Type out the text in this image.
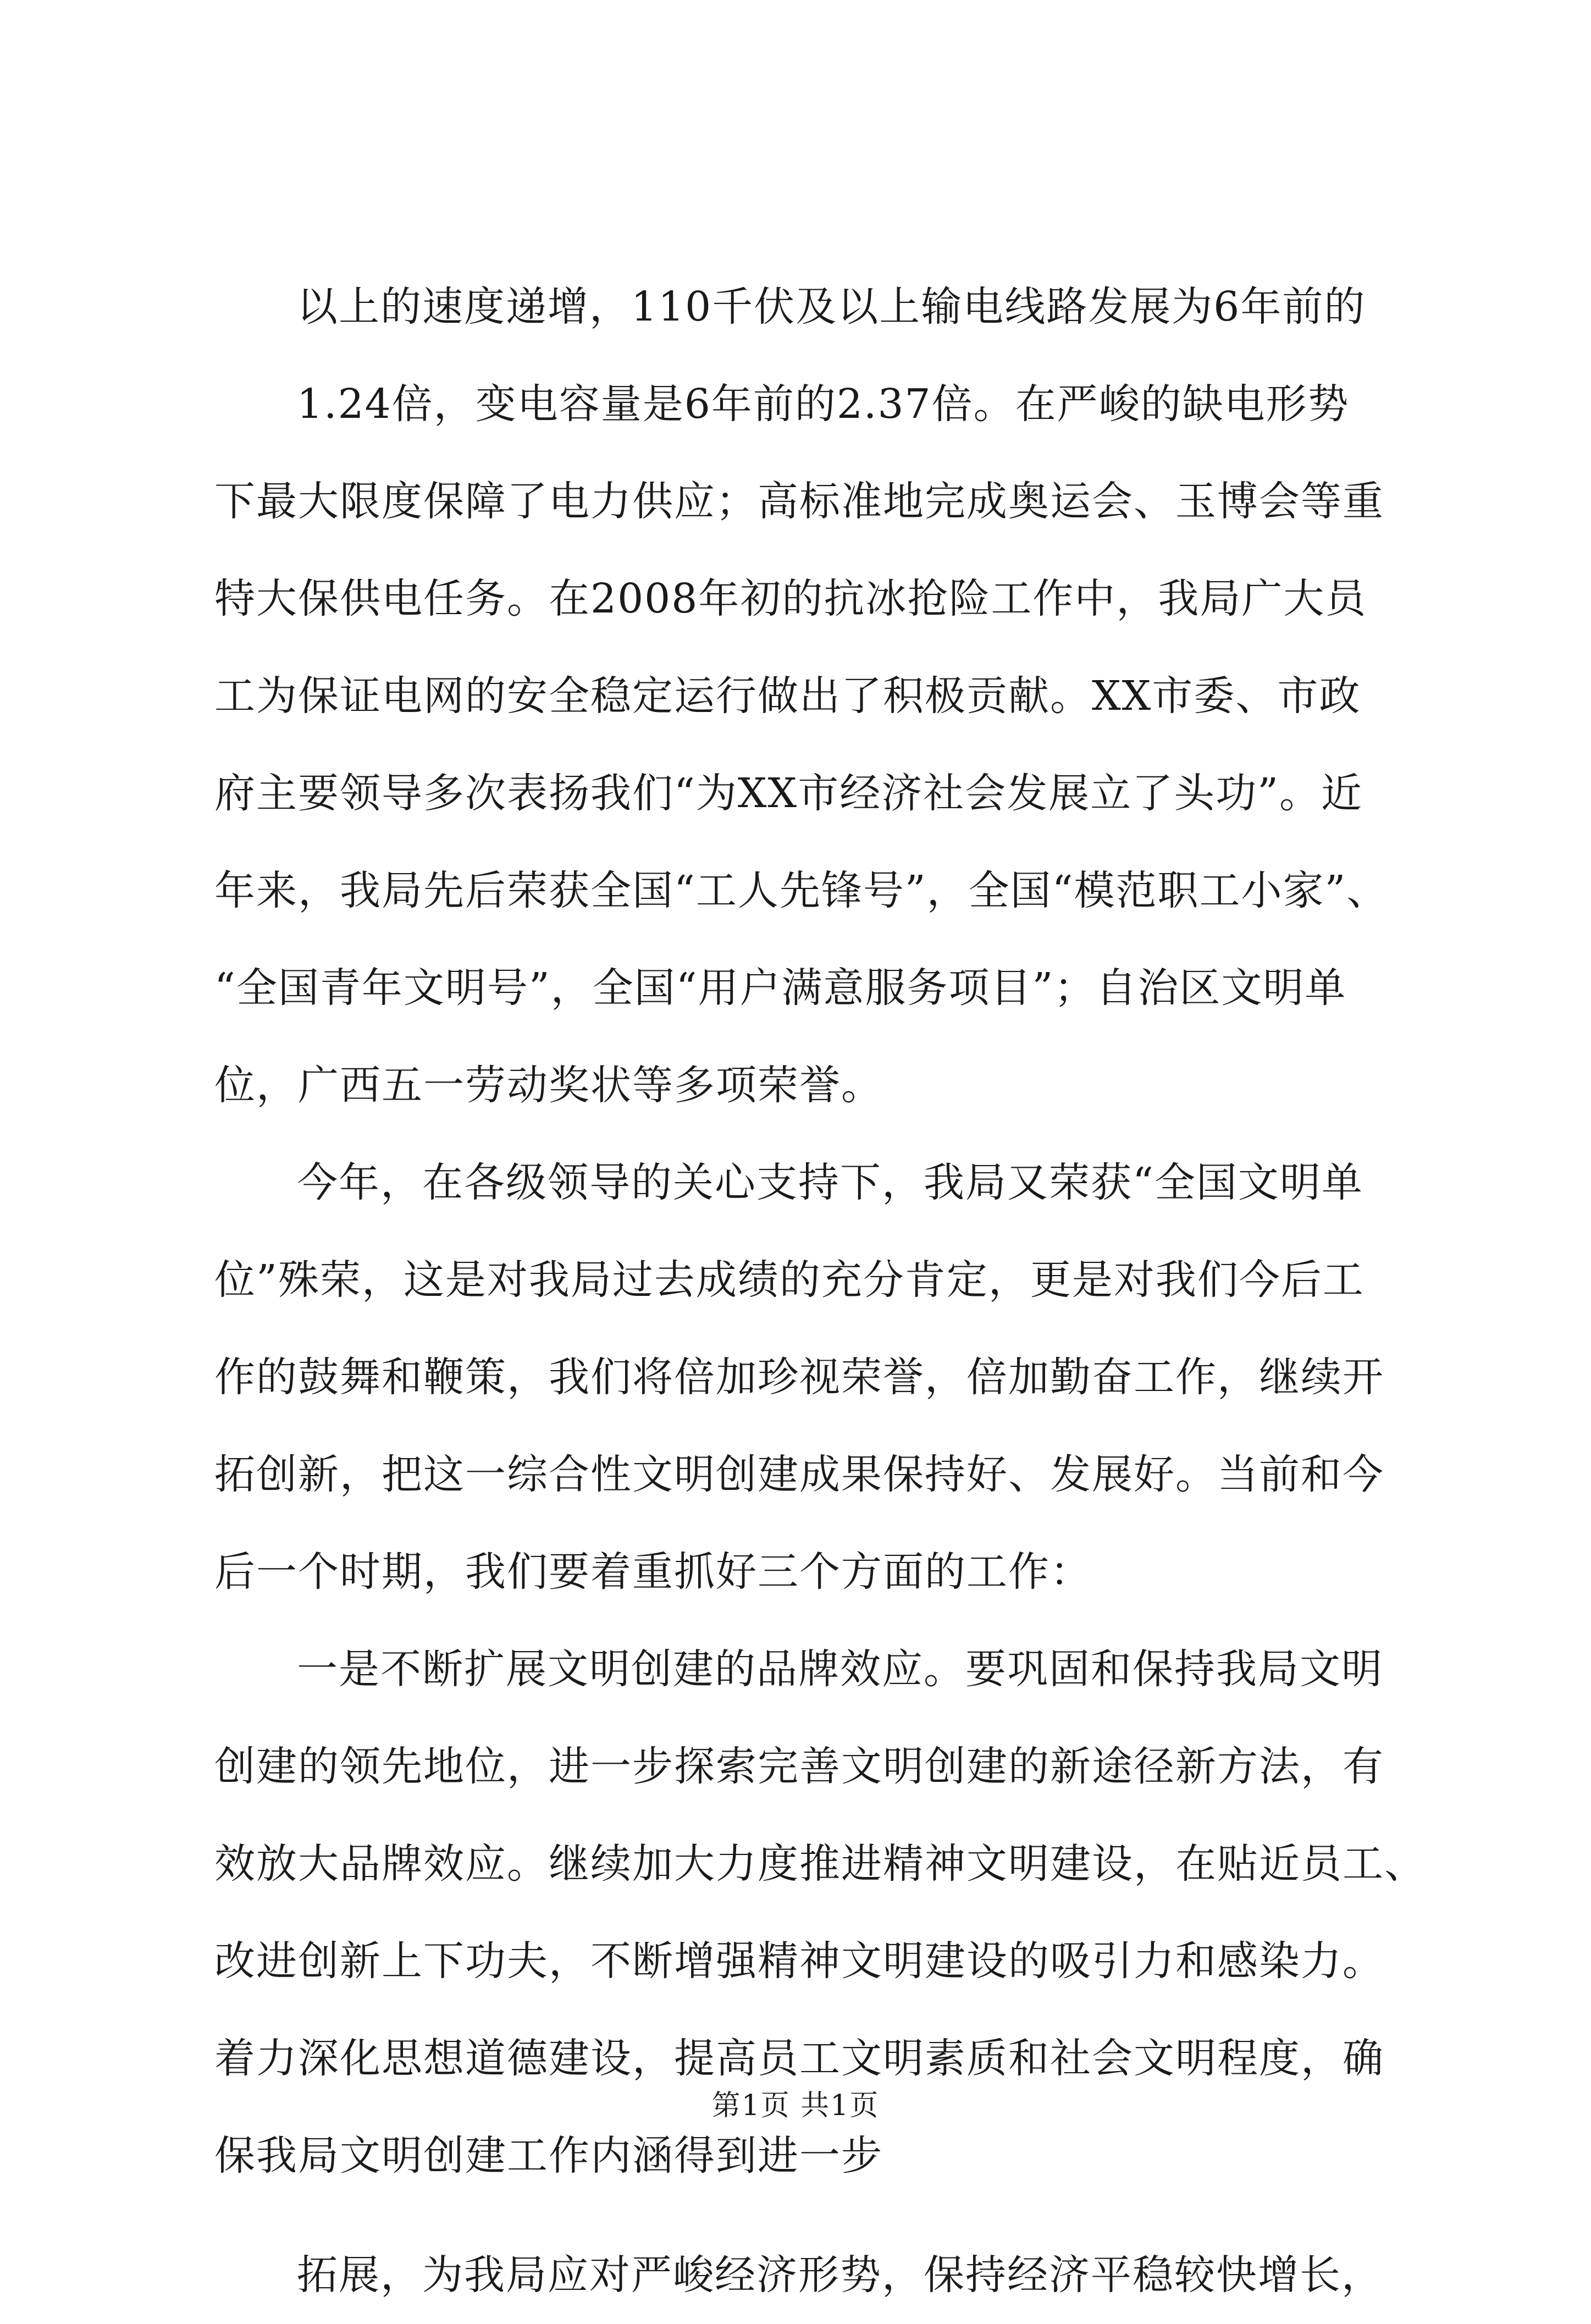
以上的速度递增，110千伏及以上输电线路发展为6年前的
1.24倍，变电容量是6年前的2.37倍。在严峻的缺电形势
下最大限度保障了电力供应；高标准地完成奥运会、玉博会等重
特大保供电任务。在2008年初的抗冰抢险工作中，我局广大员
工为保证电网的安全稳定运行做出了积极贡献。XX市委、市政
府主要领导多次表扬我们“为XX市经济社会发展立了头功”。近
年来，我局先后荣获全国“工人先锋号”，全国“模范职工小家”、
“全国青年文明号”，全国“用户满意服务项目”；自治区文明单
位，广西五一劳动奖状等多项荣誉。
今年，在各级领导的关心支持下，我局又荣获“全国文明单
位”殊荣，这是对我局过去成绩的充分肯定，更是对我们今后工
作的鼓舞和鞭策，我们将倍加珍视荣誉，倍加勤奋工作，继续开
拓创新，把这一综合性文明创建成果保持好、发展好。当前和今
后一个时期，我们要着重抓好三个方面的工作：
一是不断扩展文明创建的品牌效应。要巩固和保持我局文明
创建的领先地位，进一步探索完善文明创建的新途径新方法，有
效放大品牌效应。继续加大力度推进精神文明建设，在贴近员工、
改进创新上下功夫，不断增强精神文明建设的吸引力和感染力。
着力深化思想道德建设，提高员工文明素质和社会文明程度，确
保我局文明创建工作内涵得到进一步
拓展，为我局应对严峻经济形势，保持经济平稳较快增长，
第1页 共1页
